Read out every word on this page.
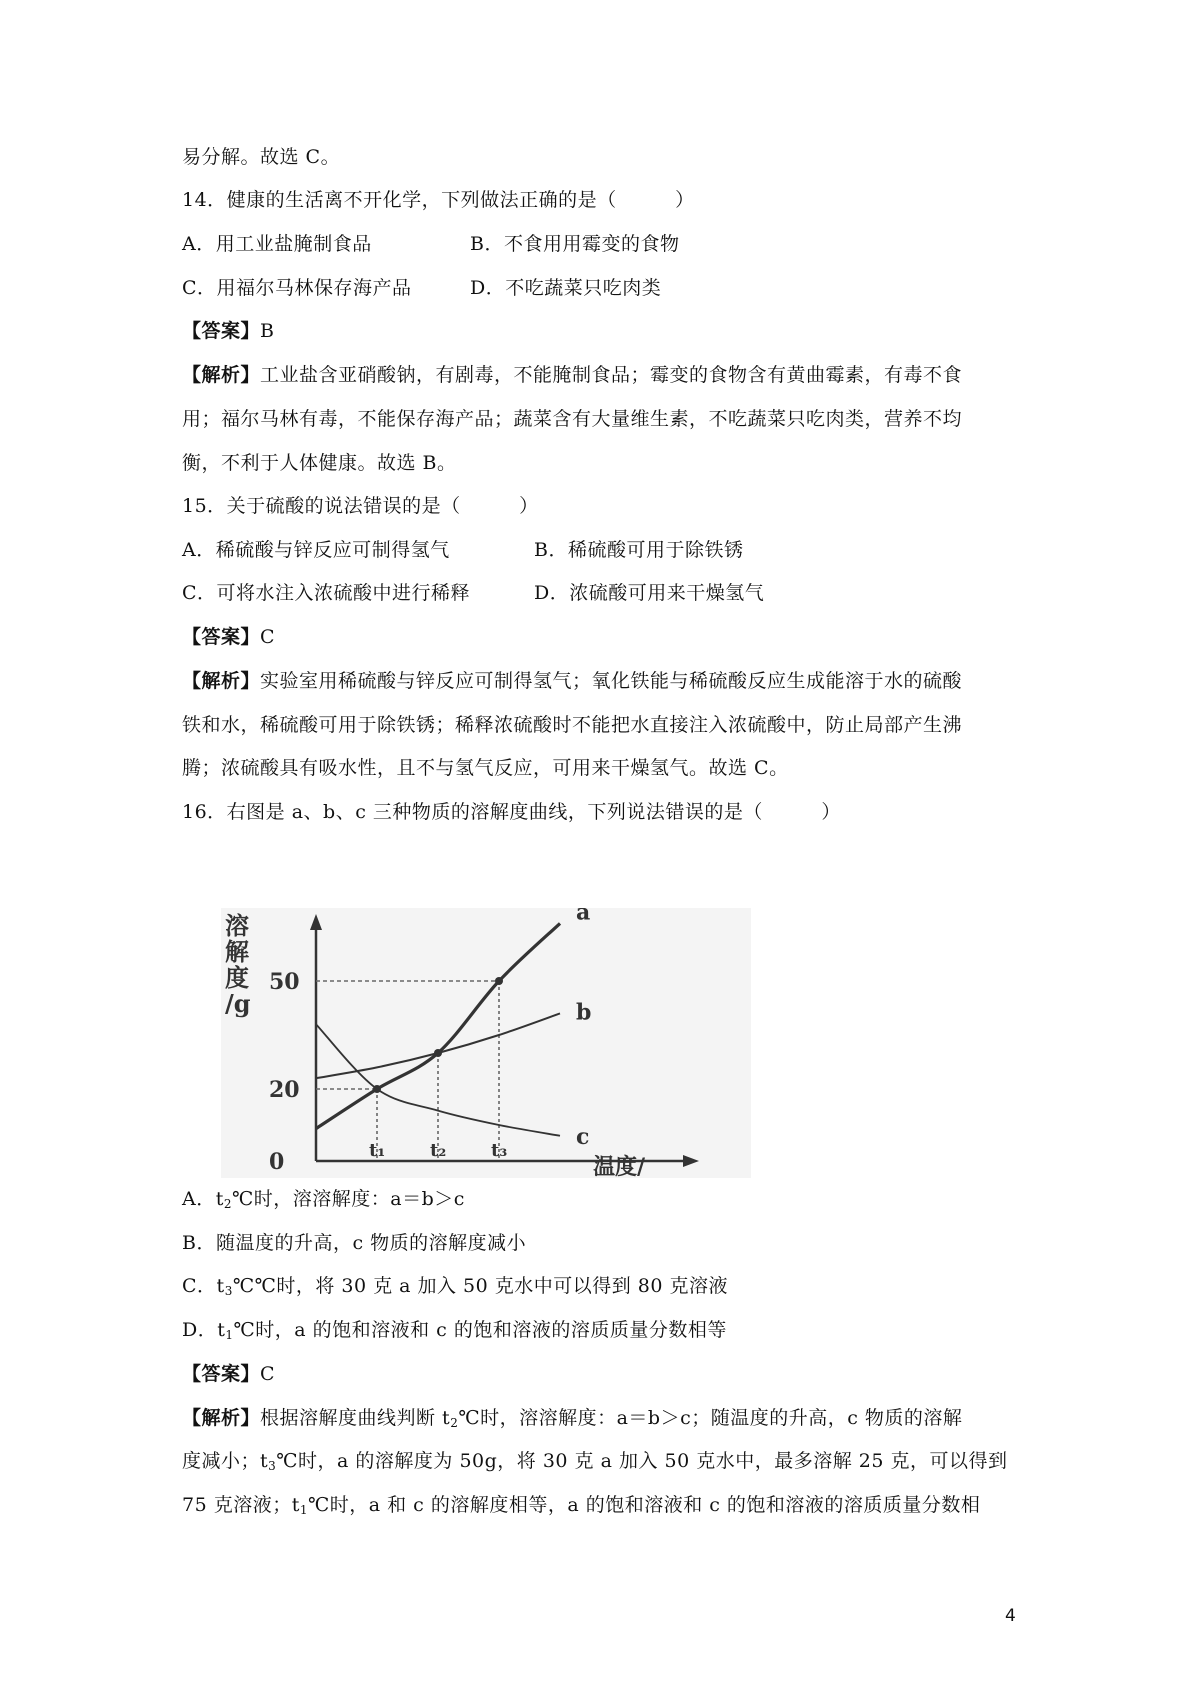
易分解。故选 C。
14．健康的生活离不开化学，下列做法正确的是（　　　）
A．用工业盐腌制食品	B．不食用用霉变的食物
C．用福尔马林保存海产品	D．不吃蔬菜只吃肉类
【答案】B
【解析】工业盐含亚硝酸钠，有剧毒，不能腌制食品；霉变的食物含有黄曲霉素，有毒不食
用；福尔马林有毒，不能保存海产品；蔬菜含有大量维生素，不吃蔬菜只吃肉类，营养不均
衡，不利于人体健康。故选 B。
15．关于硫酸的说法错误的是（　　　）
A．稀硫酸与锌反应可制得氢气	B．稀硫酸可用于除铁锈
C．可将水注入浓硫酸中进行稀释	D．浓硫酸可用来干燥氢气
【答案】C
【解析】实验室用稀硫酸与锌反应可制得氢气；氧化铁能与稀硫酸反应生成能溶于水的硫酸
铁和水，稀硫酸可用于除铁锈；稀释浓硫酸时不能把水直接注入浓硫酸中，防止局部产生沸
腾；浓硫酸具有吸水性，且不与氢气反应，可用来干燥氢气。故选 C。
16．右图是 a、b、c 三种物质的溶解度曲线，下列说法错误的是（　　　）
溶
解
度
/g
温度/
0
20
50
t₁ t₂ t₃
a
b
c
A．$t_2℃$时，溶溶解度：a＝b＞c
B．随温度的升高，c 物质的溶解度减小
C．$t_3℃℃$时，将 30 克 a 加入 50 克水中可以得到 80 克溶液
D．$t_1℃$时，a 的饱和溶液和 c 的饱和溶液的溶质质量分数相等
【答案】C
【解析】根据溶解度曲线判断 $t_2℃$时，溶溶解度：a＝b＞c；随温度的升高，c 物质的溶解
度减小；$t_3℃$时，a 的溶解度为 50g，将 30 克 a 加入 50 克水中，最多溶解 25 克，可以得到
75 克溶液；$t_1℃$时，a 和 c 的溶解度相等，a 的饱和溶液和 c 的饱和溶液的溶质质量分数相
4
